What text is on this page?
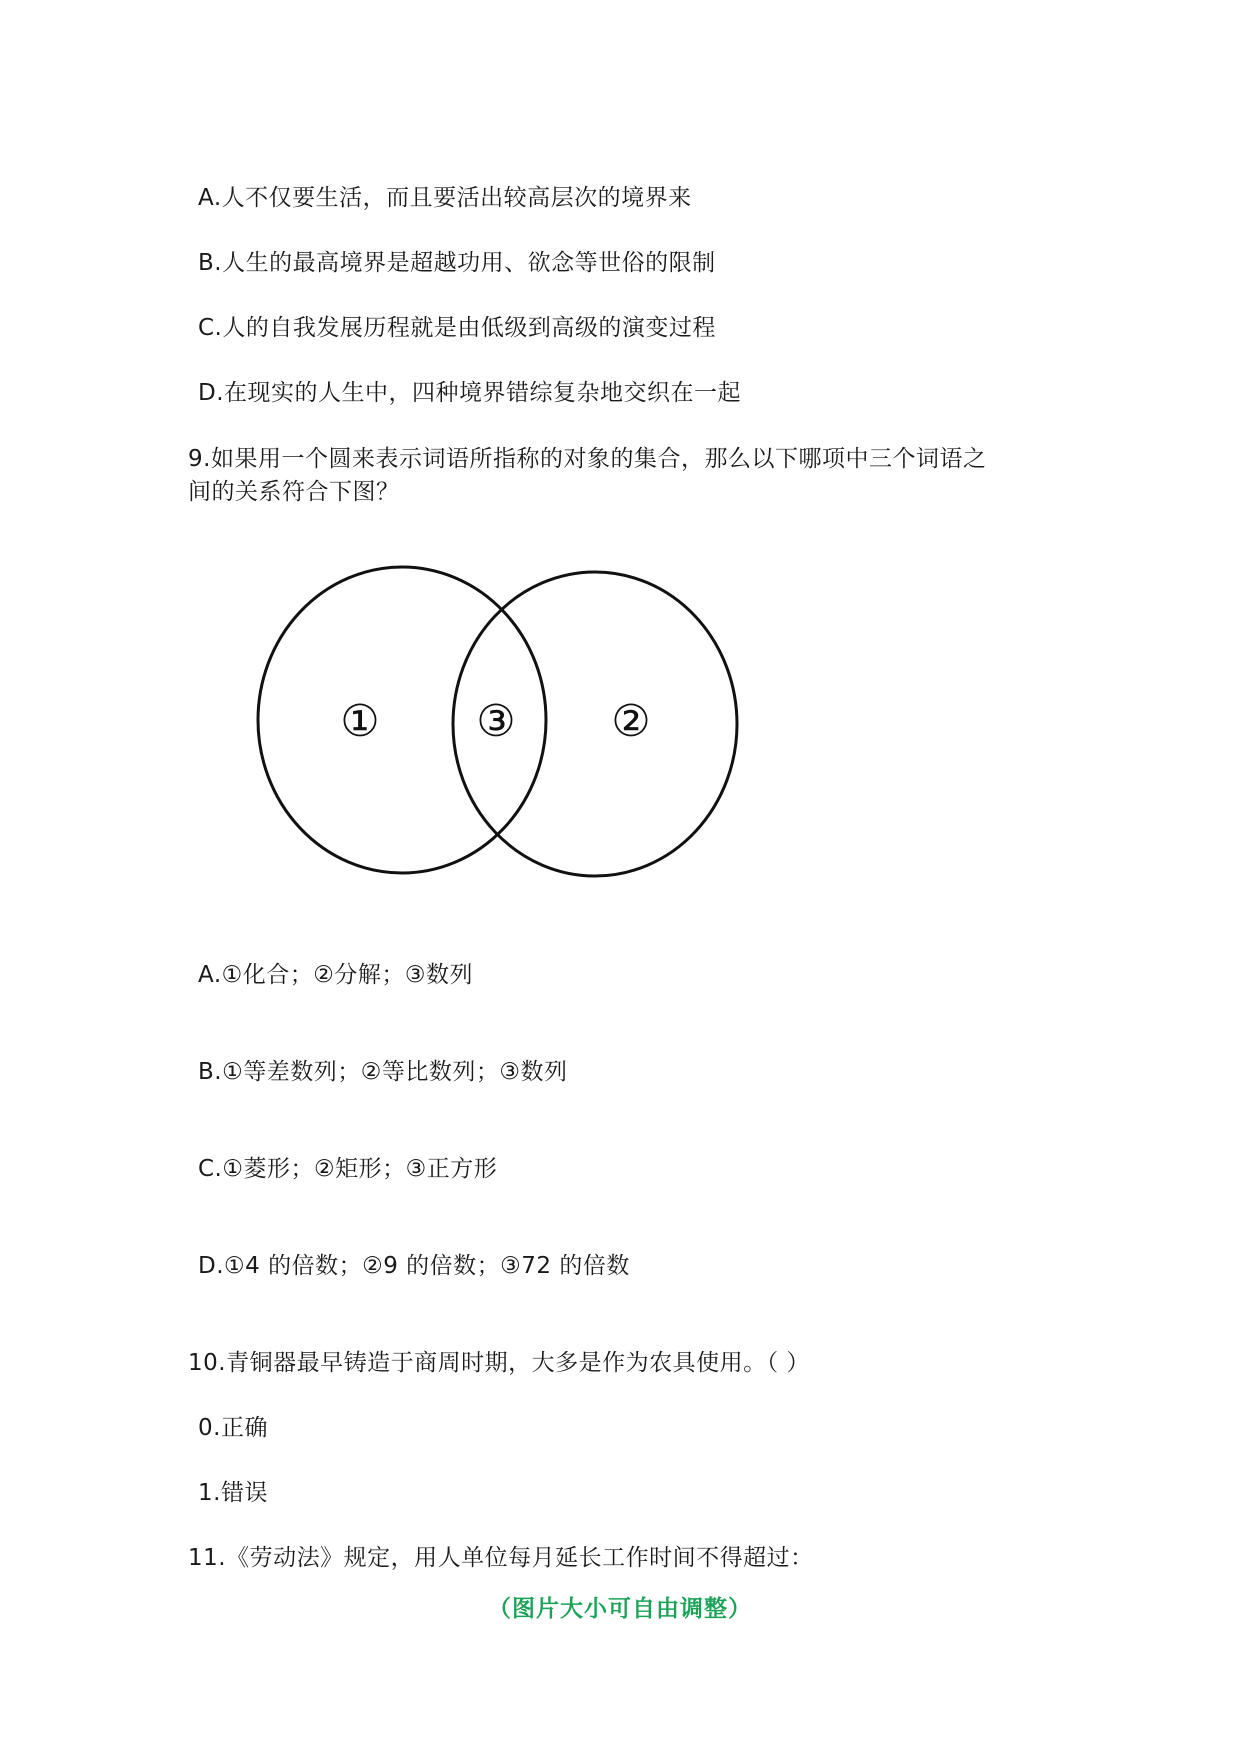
A.人不仅要生活，而且要活出较高层次的境界来
B.人生的最高境界是超越功用、欲念等世俗的限制
C.人的自我发展历程就是由低级到高级的演变过程
D.在现实的人生中，四种境界错综复杂地交织在一起
9.如果用一个圆来表示词语所指称的对象的集合，那么以下哪项中三个词语之
间的关系符合下图？
① ③ ②
A.①化合；②分解；③数列
B.①等差数列；②等比数列；③数列
C.①菱形；②矩形；③正方形
D.①4 的倍数；②9 的倍数；③72 的倍数
10.青铜器最早铸造于商周时期，大多是作为农具使用。（ ）
0.正确
1.错误
11.《劳动法》规定，用人单位每月延长工作时间不得超过：
（图片大小可自由调整）
